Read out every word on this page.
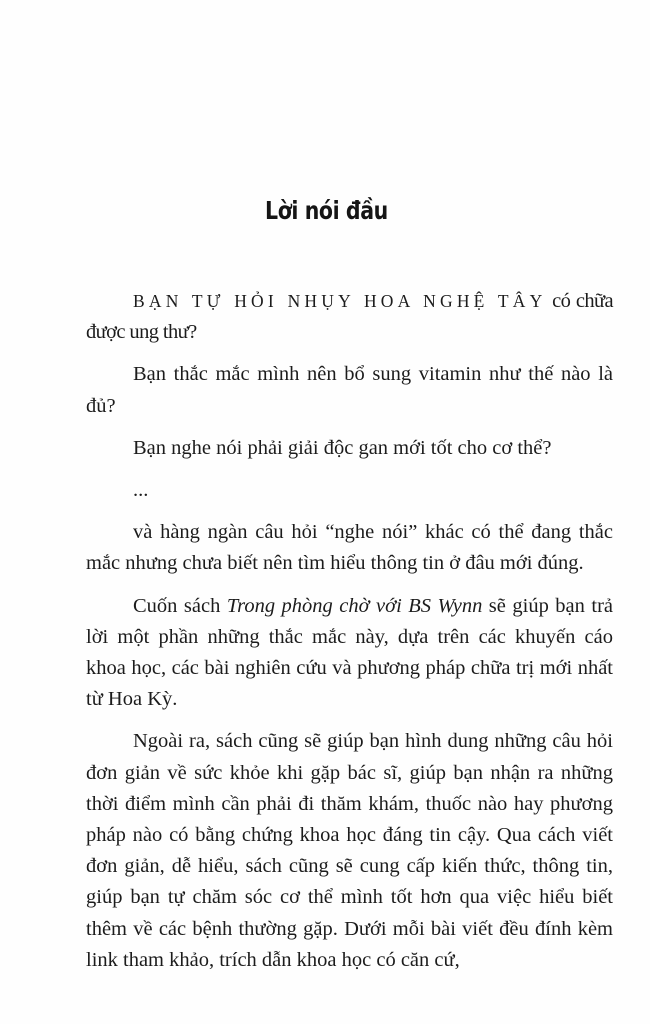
Lời nói đầu

BẠN TỰ HỎI NHỤY HOA NGHỆ TÂY có chữa được ung thư?

Bạn thắc mắc mình nên bổ sung vitamin như thế nào là đủ?

Bạn nghe nói phải giải độc gan mới tốt cho cơ thể?

...

và hàng ngàn câu hỏi “nghe nói” khác có thể đang thắc mắc nhưng chưa biết nên tìm hiểu thông tin ở đâu mới đúng.

Cuốn sách Trong phòng chờ với BS Wynn sẽ giúp bạn trả lời một phần những thắc mắc này, dựa trên các khuyến cáo khoa học, các bài nghiên cứu và phương pháp chữa trị mới nhất từ Hoa Kỳ.

Ngoài ra, sách cũng sẽ giúp bạn hình dung những câu hỏi đơn giản về sức khỏe khi gặp bác sĩ, giúp bạn nhận ra những thời điểm mình cần phải đi thăm khám, thuốc nào hay phương pháp nào có bằng chứng khoa học đáng tin cậy. Qua cách viết đơn giản, dễ hiểu, sách cũng sẽ cung cấp kiến thức, thông tin, giúp bạn tự chăm sóc cơ thể mình tốt hơn qua việc hiểu biết thêm về các bệnh thường gặp. Dưới mỗi bài viết đều đính kèm link tham khảo, trích dẫn khoa học có căn cứ,
